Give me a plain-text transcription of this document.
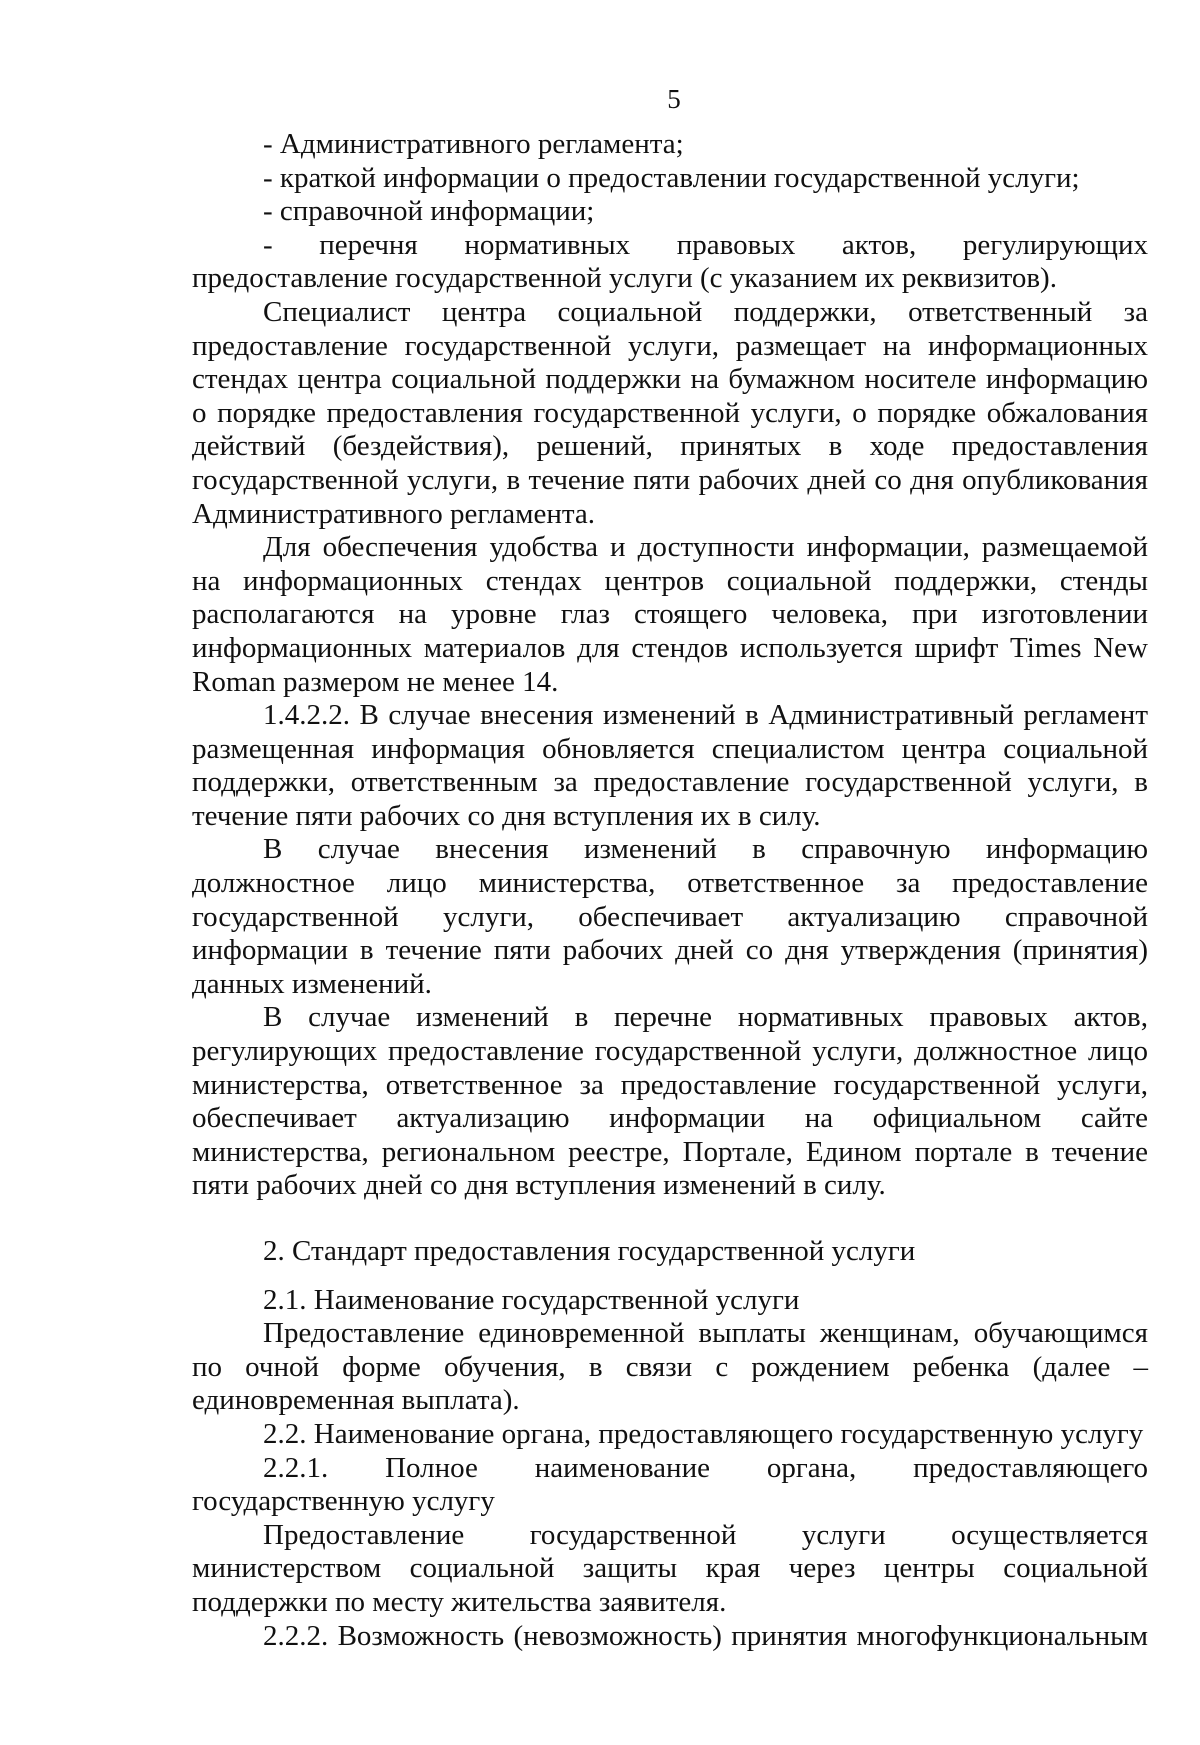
5

- Административного регламента;

- краткой информации о предоставлении государственной услуги;

- справочной информации;

- перечня нормативных правовых актов, регулирующих предоставление государственной услуги (с указанием их реквизитов).

Специалист центра социальной поддержки, ответственный за предоставление государственной услуги, размещает на информационных стендах центра социальной поддержки на бумажном носителе информацию о порядке предоставления государственной услуги, о порядке обжалования действий (бездействия), решений, принятых в ходе предоставления государственной услуги, в течение пяти рабочих дней со дня опубликования Административного регламента.

Для обеспечения удобства и доступности информации, размещаемой на информационных стендах центров социальной поддержки, стенды располагаются на уровне глаз стоящего человека, при изготовлении информационных материалов для стендов используется шрифт Times New Roman размером не менее 14.

1.4.2.2. В случае внесения изменений в Административный регламент размещенная информация обновляется специалистом центра социальной поддержки, ответственным за предоставление государственной услуги, в течение пяти рабочих со дня вступления их в силу.

В случае внесения изменений в справочную информацию должностное лицо министерства, ответственное за предоставление государственной услуги, обеспечивает актуализацию справочной информации в течение пяти рабочих дней со дня утверждения (принятия) данных изменений.

В случае изменений в перечне нормативных правовых актов, регулирующих предоставление государственной услуги, должностное лицо министерства, ответственное за предоставление государственной услуги, обеспечивает актуализацию информации на официальном сайте министерства, региональном реестре, Портале, Едином портале в течение пяти рабочих дней со дня вступления изменений в силу.

2. Стандарт предоставления государственной услуги

2.1. Наименование государственной услуги

Предоставление единовременной выплаты женщинам, обучающимся по очной форме обучения, в связи с рождением ребенка (далее – единовременная выплата).

2.2. Наименование органа, предоставляющего государственную услугу

2.2.1. Полное наименование органа, предоставляющего государственную услугу

Предоставление государственной услуги осуществляется министерством социальной защиты края через центры социальной поддержки по месту жительства заявителя.

2.2.2. Возможность (невозможность) принятия многофункциональным
